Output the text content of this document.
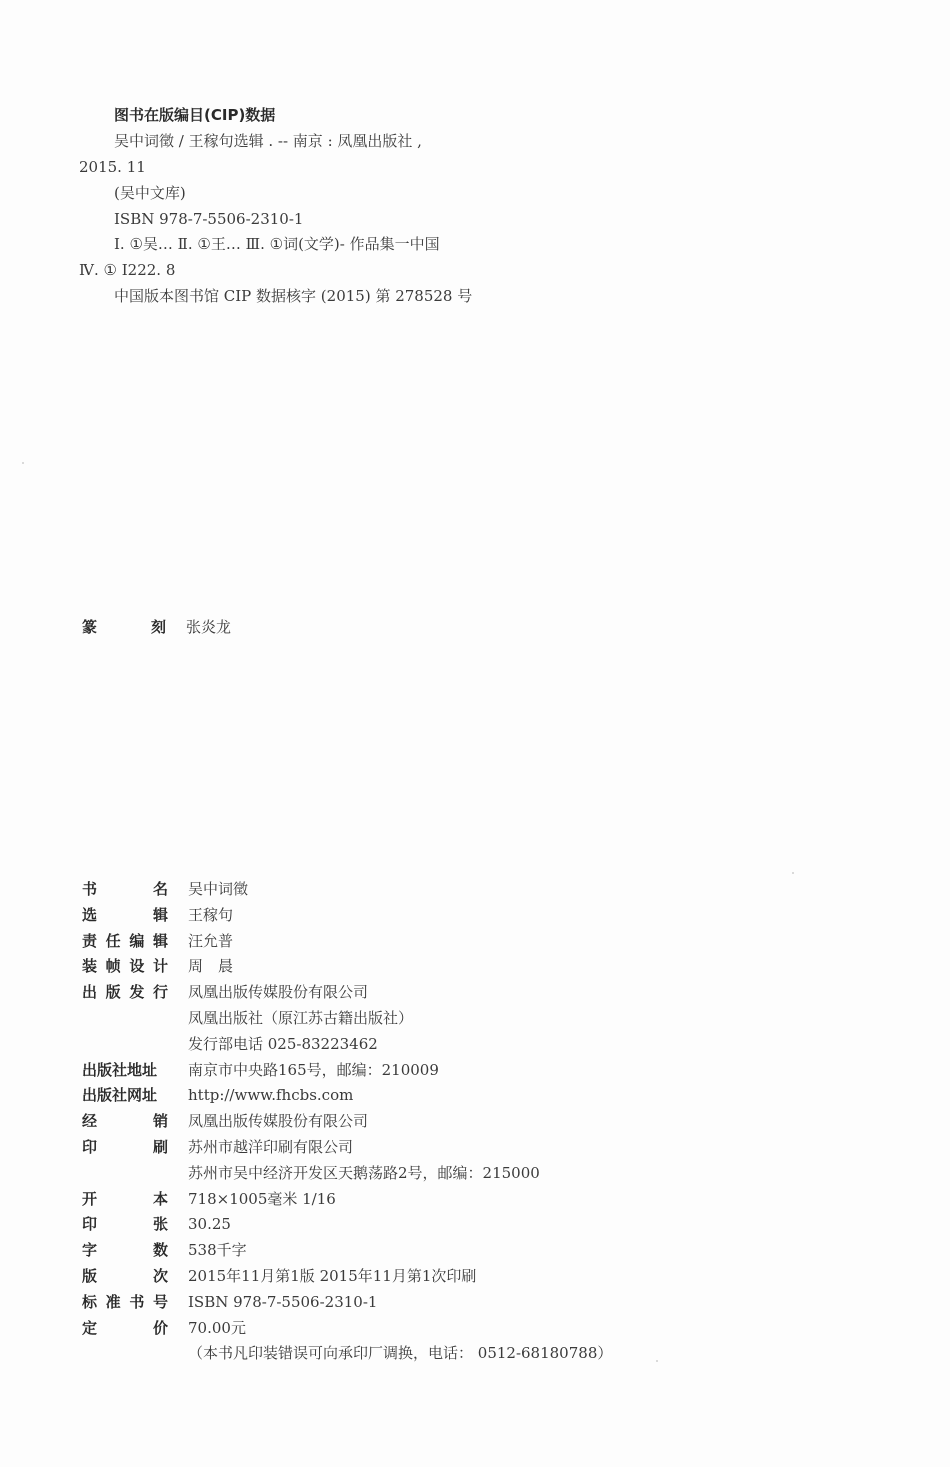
图书在版编目(CIP)数据
吴中词徵 / 王稼句选辑 . -- 南京 : 凤凰出版社 ,
2015. 11
(吴中文库)
ISBN 978-7-5506-2310-1
Ⅰ. ①吴… Ⅱ. ①王… Ⅲ. ①词(文学)- 作品集一中国
Ⅳ. ① I222. 8
中国版本图书馆 CIP 数据核字 (2015) 第 278528 号
篆	刻 张炎龙
书	名 吴中词徵
选	辑 王稼句
责 任 编 辑 汪允普
装 帧 设 计 周　晨
出 版 发 行 凤凰出版传媒股份有限公司
凤凰出版社（原江苏古籍出版社）
发行部电话 025-83223462
出版社地址 南京市中央路165号，邮编：210009
出版社网址 http://www.fhcbs.com
经	销 凤凰出版传媒股份有限公司
印	刷 苏州市越洋印刷有限公司
苏州市吴中经济开发区天鹅荡路2号，邮编：215000
开	本 718×1005毫米 1/16
印	张 30.25
字	数 538千字
版	次 2015年11月第1版 2015年11月第1次印刷
标 准 书 号 ISBN 978-7-5506-2310-1
定	价 70.00元
（本书凡印装错误可向承印厂调换，电话： 0512-68180788）
